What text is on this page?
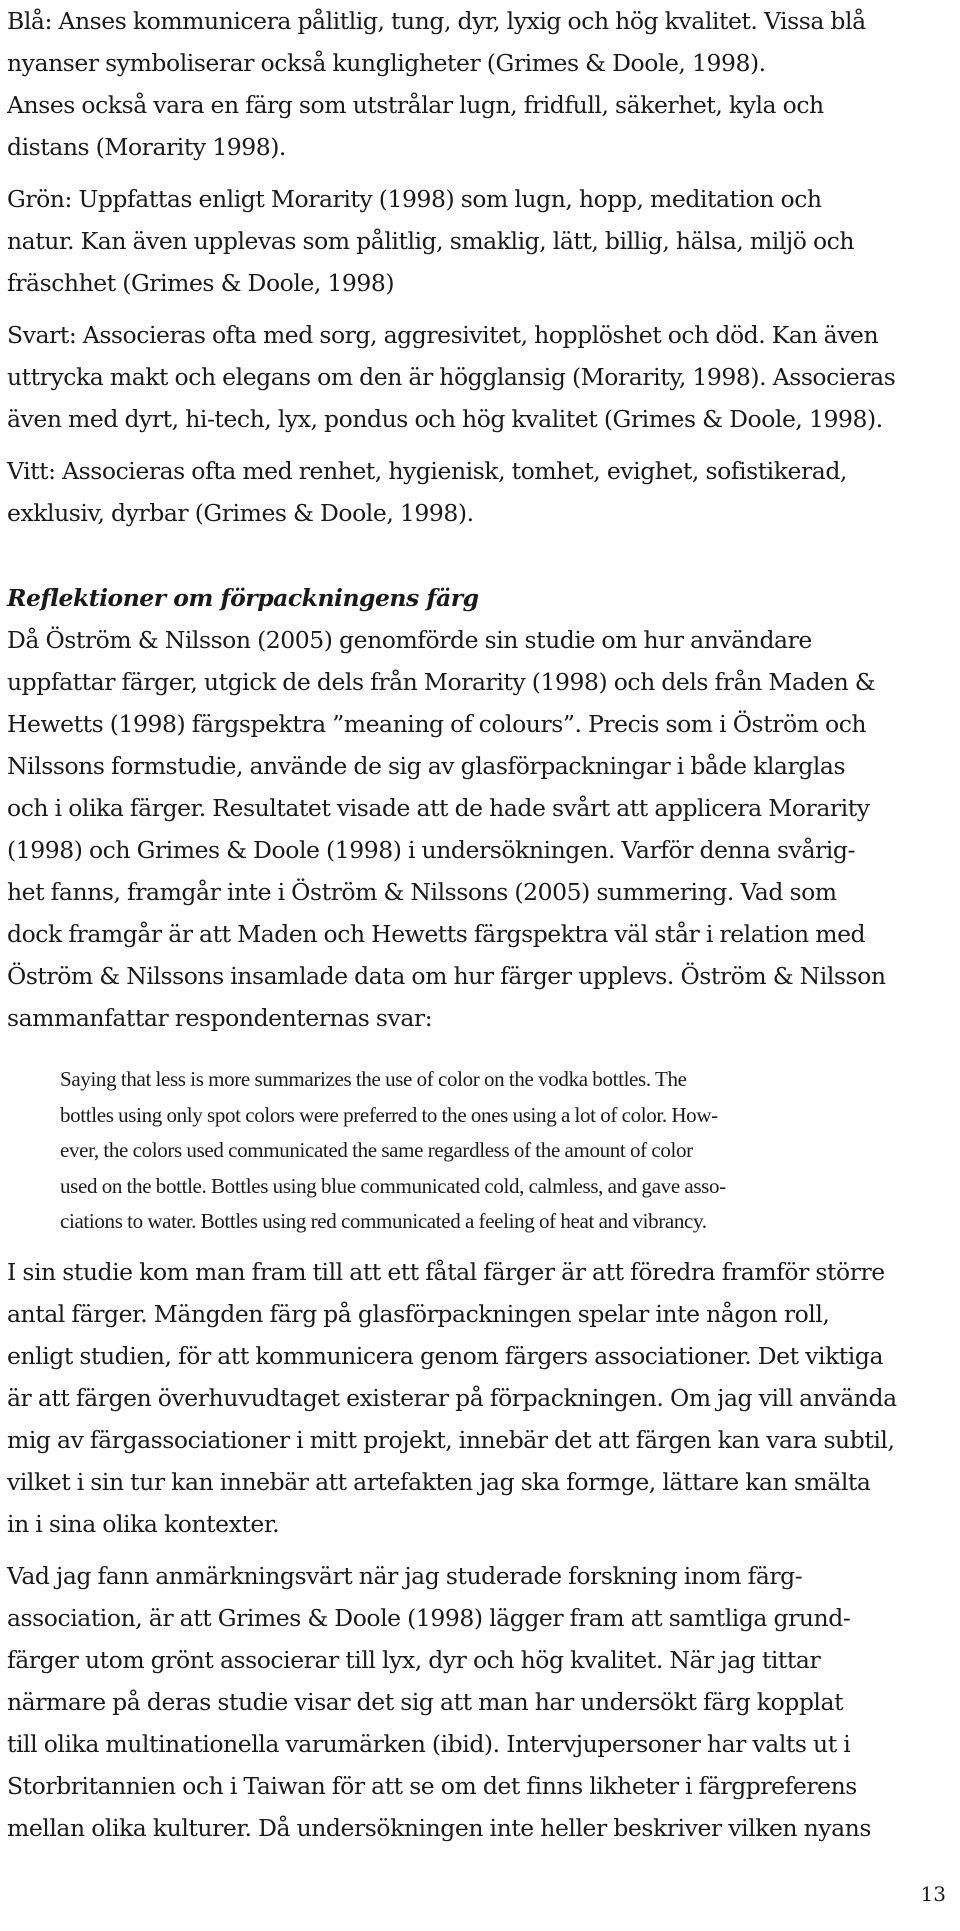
Blå: Anses kommunicera pålitlig, tung, dyr, lyxig och hög kvalitet. Vissa blå
nyanser symboliserar också kungligheter (Grimes & Doole, 1998).
Anses också vara en färg som utstrålar lugn, fridfull, säkerhet, kyla och
distans (Morarity 1998).

Grön: Uppfattas enligt Morarity (1998) som lugn, hopp, meditation och
natur. Kan även upplevas som pålitlig, smaklig, lätt, billig, hälsa, miljö och
fräschhet (Grimes & Doole, 1998)

Svart: Associeras ofta med sorg, aggresivitet, hopplöshet och död. Kan även
uttrycka makt och elegans om den är högglansig (Morarity, 1998). Associeras
även med dyrt, hi-tech, lyx, pondus och hög kvalitet (Grimes & Doole, 1998).

Vitt: Associeras ofta med renhet, hygienisk, tomhet, evighet, sofistikerad,
exklusiv, dyrbar (Grimes & Doole, 1998).

Reflektioner om förpackningens färg

Då Öström & Nilsson (2005) genomförde sin studie om hur användare
uppfattar färger, utgick de dels från Morarity (1998) och dels från Maden &
Hewetts (1998) färgspektra ”meaning of colours”. Precis som i Öström och
Nilssons formstudie, använde de sig av glasförpackningar i både klarglas
och i olika färger. Resultatet visade att de hade svårt att applicera Morarity
(1998) och Grimes & Doole (1998) i undersökningen. Varför denna svårig-
het fanns, framgår inte i Öström & Nilssons (2005) summering. Vad som
dock framgår är att Maden och Hewetts färgspektra väl står i relation med
Öström & Nilssons insamlade data om hur färger upplevs. Öström & Nilsson
sammanfattar respondenternas svar:

Saying that less is more summarizes the use of color on the vodka bottles. The
bottles using only spot colors were preferred to the ones using a lot of color. How-
ever, the colors used communicated the same regardless of the amount of color
used on the bottle. Bottles using blue communicated cold, calmless, and gave asso-
ciations to water. Bottles using red communicated a feeling of heat and vibrancy.

I sin studie kom man fram till att ett fåtal färger är att föredra framför större
antal färger. Mängden färg på glasförpackningen spelar inte någon roll,
enligt studien, för att kommunicera genom färgers associationer. Det viktiga
är att färgen överhuvudtaget existerar på förpackningen. Om jag vill använda
mig av färgassociationer i mitt projekt, innebär det att färgen kan vara subtil,
vilket i sin tur kan innebär att artefakten jag ska formge, lättare kan smälta
in i sina olika kontexter.

Vad jag fann anmärkningsvärt när jag studerade forskning inom färg-
association, är att Grimes & Doole (1998) lägger fram att samtliga grund-
färger utom grönt associerar till lyx, dyr och hög kvalitet. När jag tittar
närmare på deras studie visar det sig att man har undersökt färg kopplat
till olika multinationella varumärken (ibid). Intervjupersoner har valts ut i
Storbritannien och i Taiwan för att se om det finns likheter i färgpreferens
mellan olika kulturer. Då undersökningen inte heller beskriver vilken nyans

13
